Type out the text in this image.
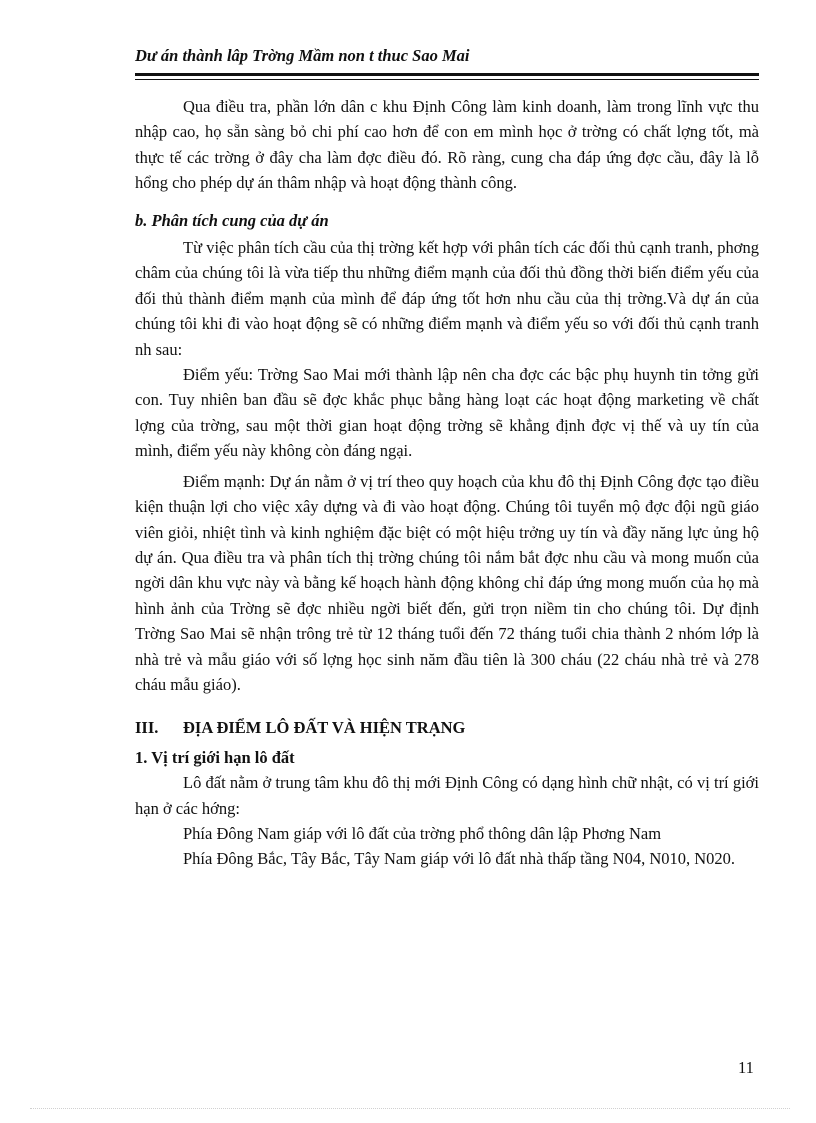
Dư án thành lâp Trờng Mầm non t thuc Sao Mai

Qua điều tra, phần lớn dân c khu Định Công làm kinh doanh, làm trong lĩnh vực thu nhập cao, họ sẵn sàng bỏ chi phí cao hơn để con em mình học ở trờng có chất lợng tốt, mà thực tế các trờng ở đây cha làm đợc điều đó. Rõ ràng, cung cha đáp ứng đợc cầu, đây là lỗ hổng cho phép dự án thâm nhập và hoạt động thành công.

b. Phân tích cung của dự án

Từ việc phân tích cầu của thị trờng kết hợp với phân tích các đối thủ cạnh tranh, phơng châm của chúng tôi là vừa tiếp thu những điểm mạnh của đối thủ đồng thời biến điểm yếu của đối thủ thành điểm mạnh của mình để đáp ứng tốt hơn nhu cầu của thị trờng.Và dự án của chúng tôi khi đi vào hoạt động sẽ có những điểm mạnh và điểm yếu so với đối thủ cạnh tranh nh sau:

Điểm yếu: Trờng Sao Mai mới thành lập nên cha đợc các bậc phụ huynh tin tởng gửi con. Tuy nhiên ban đầu sẽ đợc khắc phục bằng hàng loạt các hoạt động marketing về chất lợng của trờng, sau một thời gian hoạt động trờng sẽ khẳng định đợc vị thế và uy tín của mình, điểm yếu này không còn đáng ngại.

Điểm mạnh: Dự án nằm ở vị trí theo quy hoạch của khu đô thị Định Công đợc tạo điều kiện thuận lợi cho việc xây dựng và đi vào hoạt động. Chúng tôi tuyển mộ đợc đội ngũ giáo viên giỏi, nhiệt tình và kinh nghiệm đặc biệt có một hiệu trởng uy tín và đầy năng lực ủng hộ dự án. Qua điều tra và phân tích thị trờng chúng tôi nắm bắt đợc nhu cầu và mong muốn của ngời dân khu vực này và bằng kế hoạch hành động không chỉ đáp ứng mong muốn của họ mà hình ảnh của Trờng sẽ đợc nhiều ngời biết đến, gửi trọn niềm tin cho chúng tôi. Dự định Trờng Sao Mai sẽ nhận trông trẻ từ 12 tháng tuổi đến 72 tháng tuổi chia thành 2 nhóm lớp là nhà trẻ và mẫu giáo với số lợng học sinh năm đầu tiên là 300 cháu (22 cháu nhà trẻ và 278 cháu mẫu giáo).

III.	ĐỊA ĐIỂM LÔ ĐẤT VÀ HIỆN TRẠNG
1. Vị trí giới hạn lô đất

Lô đất nằm ở trung tâm khu đô thị mới Định Công có dạng hình chữ nhật, có vị trí giới hạn ở các hớng:

Phía Đông Nam giáp với lô đất của trờng phổ thông dân lập Phơng Nam

Phía Đông Bắc, Tây Bắc, Tây Nam giáp với lô đất nhà thấp tầng N04, N010, N020.

11
